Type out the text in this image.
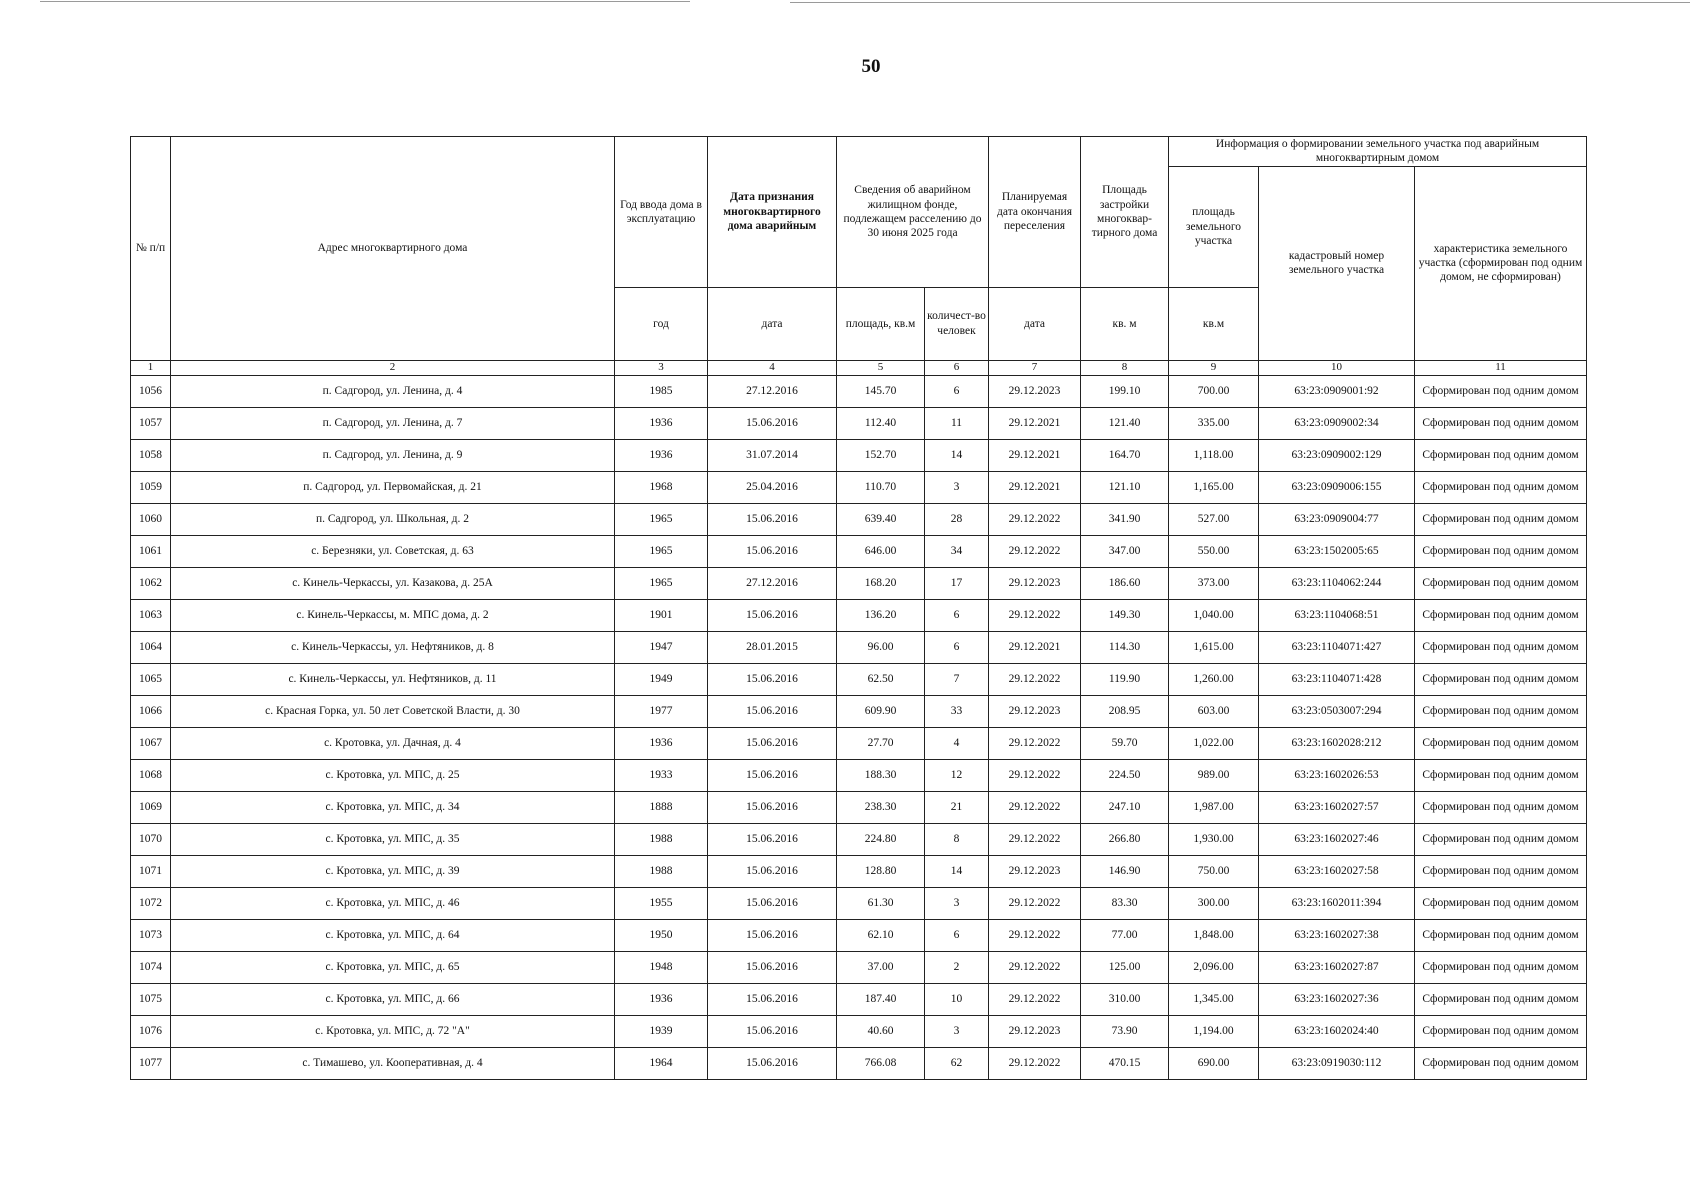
50
№ п/п	Адрес многоквартирного дома	Год ввода дома в эксплуатацию	Дата признания многоквартирного дома аварийным	Сведения об аварийном жилищном фонде, подлежащем расселению до 30 июня 2025 года		Планируемая дата окончания переселения	Площадь застройки многоквар-тирного дома	Информация о формировании земельного участка под аварийным многоквартирным домом		
								площадь земельного участка	кадастровый номер земельного участка	характеристика земельного участка (сформирован под одним домом, не сформирован)
		год	дата	площадь, кв.м	количест-во человек	дата	кв. м	кв.м		
1	2	3	4	5	6	7	8	9	10	11
1056	п. Садгород, ул. Ленина, д. 4	1985	27.12.2016	145.70	6	29.12.2023	199.10	700.00	63:23:0909001:92	Сформирован под одним домом
1057	п. Садгород, ул. Ленина, д. 7	1936	15.06.2016	112.40	11	29.12.2021	121.40	335.00	63:23:0909002:34	Сформирован под одним домом
1058	п. Садгород, ул. Ленина, д. 9	1936	31.07.2014	152.70	14	29.12.2021	164.70	1,118.00	63:23:0909002:129	Сформирован под одним домом
1059	п. Садгород, ул. Первомайская, д. 21	1968	25.04.2016	110.70	3	29.12.2021	121.10	1,165.00	63:23:0909006:155	Сформирован под одним домом
1060	п. Садгород, ул. Школьная, д. 2	1965	15.06.2016	639.40	28	29.12.2022	341.90	527.00	63:23:0909004:77	Сформирован под одним домом
1061	с. Березняки, ул. Советская, д. 63	1965	15.06.2016	646.00	34	29.12.2022	347.00	550.00	63:23:1502005:65	Сформирован под одним домом
1062	с. Кинель-Черкассы, ул. Казакова, д. 25А	1965	27.12.2016	168.20	17	29.12.2023	186.60	373.00	63:23:1104062:244	Сформирован под одним домом
1063	с. Кинель-Черкассы, м. МПС дома, д. 2	1901	15.06.2016	136.20	6	29.12.2022	149.30	1,040.00	63:23:1104068:51	Сформирован под одним домом
1064	с. Кинель-Черкассы, ул. Нефтяников, д. 8	1947	28.01.2015	96.00	6	29.12.2021	114.30	1,615.00	63:23:1104071:427	Сформирован под одним домом
1065	с. Кинель-Черкассы, ул. Нефтяников, д. 11	1949	15.06.2016	62.50	7	29.12.2022	119.90	1,260.00	63:23:1104071:428	Сформирован под одним домом
1066	с. Красная Горка, ул. 50 лет Советской Власти, д. 30	1977	15.06.2016	609.90	33	29.12.2023	208.95	603.00	63:23:0503007:294	Сформирован под одним домом
1067	с. Кротовка, ул. Дачная, д. 4	1936	15.06.2016	27.70	4	29.12.2022	59.70	1,022.00	63:23:1602028:212	Сформирован под одним домом
1068	с. Кротовка, ул. МПС, д. 25	1933	15.06.2016	188.30	12	29.12.2022	224.50	989.00	63:23:1602026:53	Сформирован под одним домом
1069	с. Кротовка, ул. МПС, д. 34	1888	15.06.2016	238.30	21	29.12.2022	247.10	1,987.00	63:23:1602027:57	Сформирован под одним домом
1070	с. Кротовка, ул. МПС, д. 35	1988	15.06.2016	224.80	8	29.12.2022	266.80	1,930.00	63:23:1602027:46	Сформирован под одним домом
1071	с. Кротовка, ул. МПС, д. 39	1988	15.06.2016	128.80	14	29.12.2023	146.90	750.00	63:23:1602027:58	Сформирован под одним домом
1072	с. Кротовка, ул. МПС, д. 46	1955	15.06.2016	61.30	3	29.12.2022	83.30	300.00	63:23:1602011:394	Сформирован под одним домом
1073	с. Кротовка, ул. МПС, д. 64	1950	15.06.2016	62.10	6	29.12.2022	77.00	1,848.00	63:23:1602027:38	Сформирован под одним домом
1074	с. Кротовка, ул. МПС, д. 65	1948	15.06.2016	37.00	2	29.12.2022	125.00	2,096.00	63:23:1602027:87	Сформирован под одним домом
1075	с. Кротовка, ул. МПС, д. 66	1936	15.06.2016	187.40	10	29.12.2022	310.00	1,345.00	63:23:1602027:36	Сформирован под одним домом
1076	с. Кротовка, ул. МПС, д. 72 "А"	1939	15.06.2016	40.60	3	29.12.2023	73.90	1,194.00	63:23:1602024:40	Сформирован под одним домом
1077	с. Тимашево, ул. Кооперативная, д. 4	1964	15.06.2016	766.08	62	29.12.2022	470.15	690.00	63:23:0919030:112	Сформирован под одним домом
